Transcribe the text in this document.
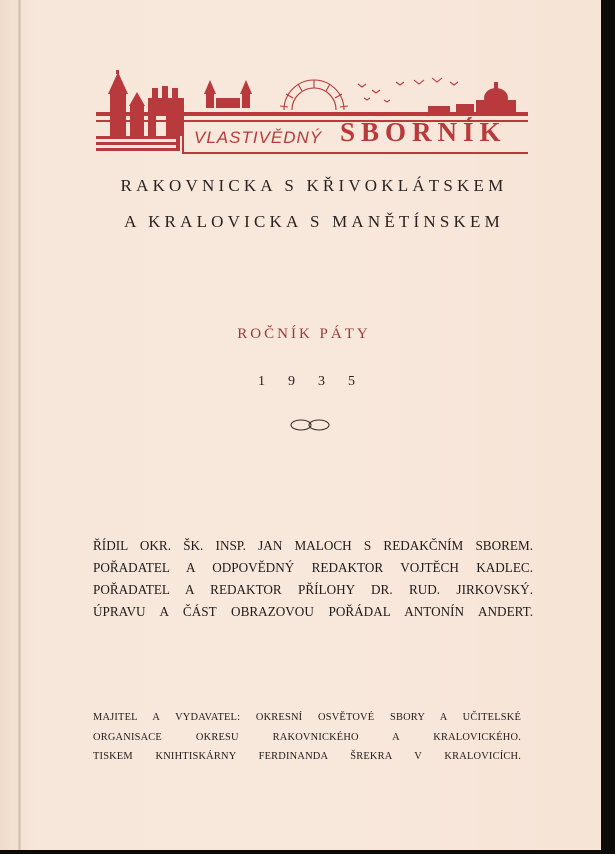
VLASTIVĚDNÝ SBORNÍK
RAKOVNICKA S KŘIVOKLÁTSKEM
A KRALOVICKA S MANĚTÍNSKEM
ROČNÍK PÁTY
1935
ŘÍDIL OKR. ŠK. INSP. JAN MALOCH S REDAKČNÍM SBOREM.
POŘADATEL A ODPOVĚDNÝ REDAKTOR VOJTĚCH KADLEC.
POŘADATEL A REDAKTOR PŘÍLOHY DR. RUD. JIRKOVSKÝ.
ÚPRAVU A ČÁST OBRAZOVOU POŘÁDAL ANTONÍN ANDERT.
MAJITEL A VYDAVATEL: OKRESNÍ OSVĚTOVÉ SBORY A UČITELSKÉ
ORGANISACE OKRESU RAKOVNICKÉHO A KRALOVICKÉHO.
TISKEM KNIHTISKÁRNY FERDINANDA ŠREKRA V KRALOVICÍCH.
